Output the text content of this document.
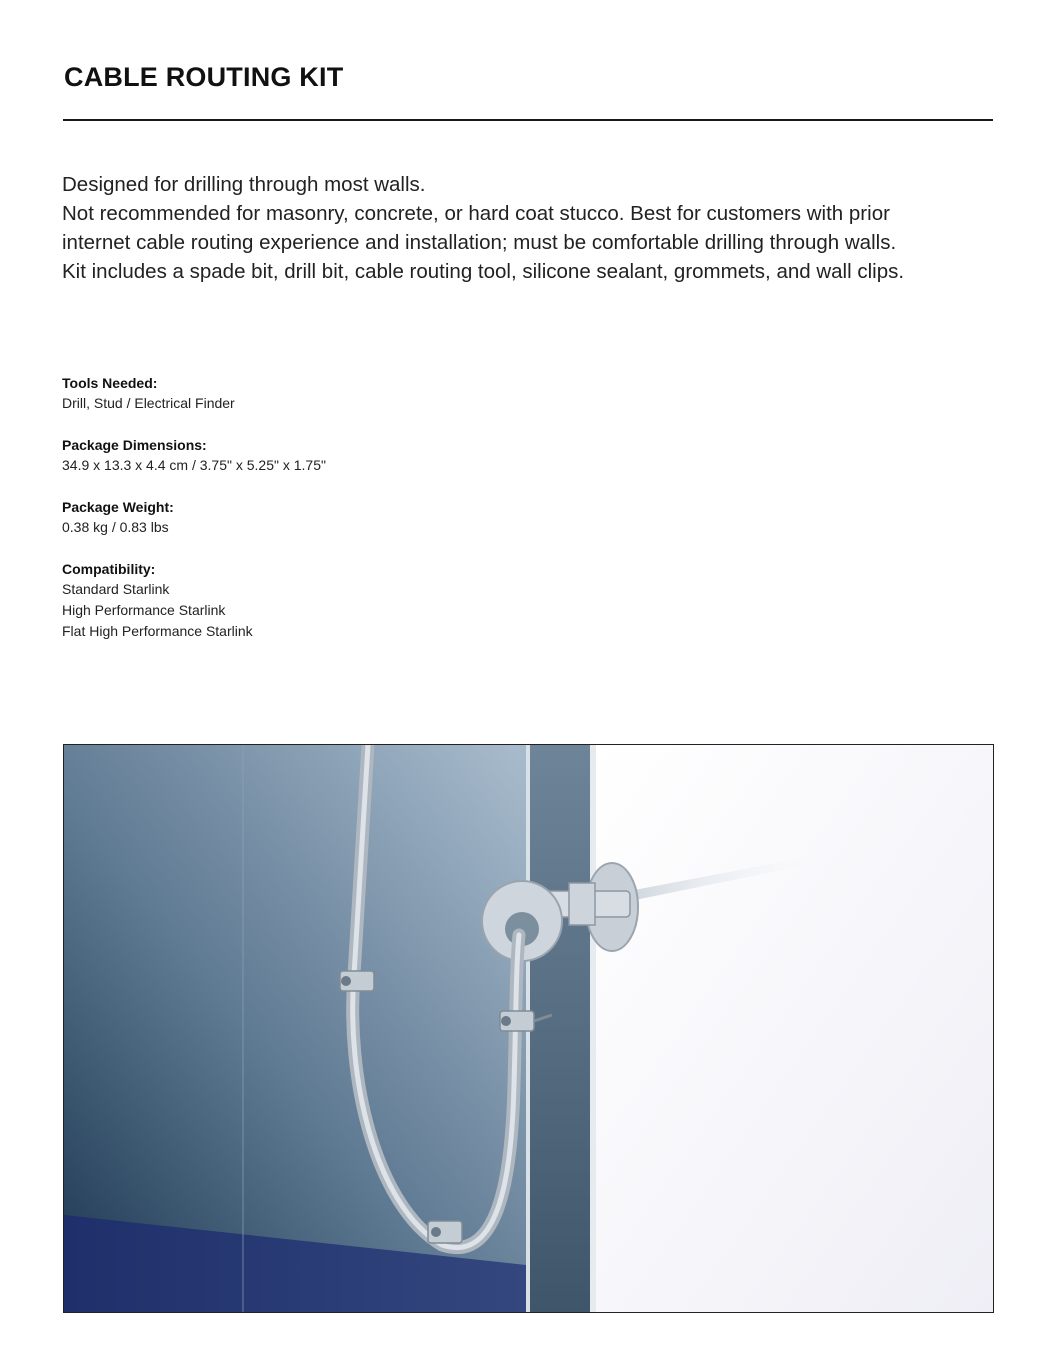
CABLE ROUTING KIT

Designed for drilling through most walls.

Not recommended for masonry, concrete, or hard coat stucco. Best for customers with prior

internet cable routing experience and installation; must be comfortable drilling through walls.

Kit includes a spade bit, drill bit, cable routing tool, silicone sealant, grommets, and wall clips.

Tools Needed:
Drill, Stud / Electrical Finder
Package Dimensions:
34.9 x 13.3 x 4.4 cm / 3.75" x 5.25" x 1.75"
Package Weight:
0.38 kg / 0.83 lbs
Compatibility:
Standard Starlink
High Performance Starlink
Flat High Performance Starlink
